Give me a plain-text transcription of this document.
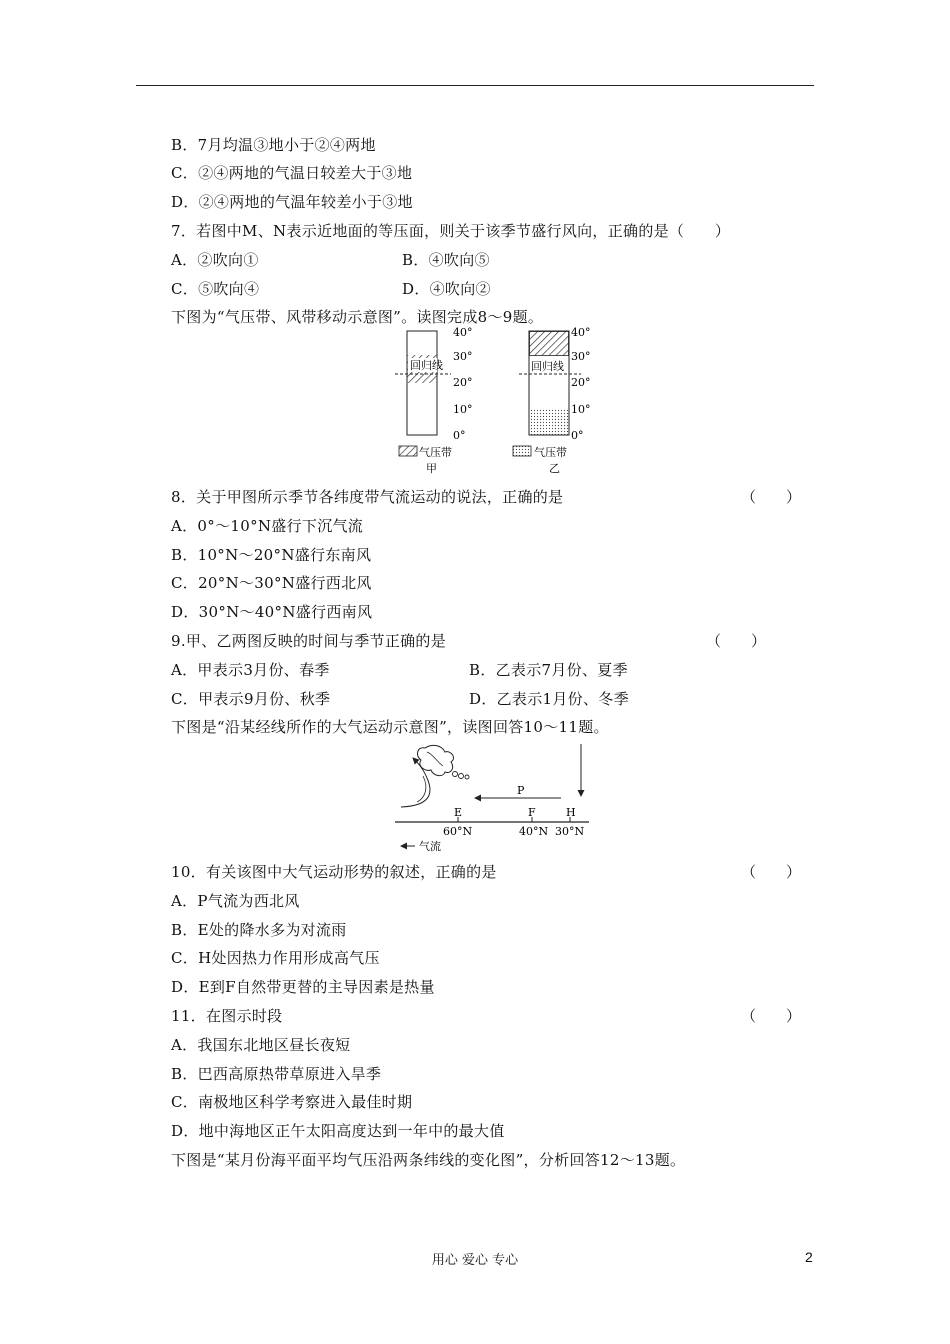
B．7月均温③地小于②④两地
C．②④两地的气温日较差大于③地
D．②④两地的气温年较差小于③地
7．若图中M、N表示近地面的等压面，则关于该季节盛行风向，正确的是（　　）
A．②吹向①	B．④吹向⑤
C．⑤吹向④	D．④吹向②
下图为“气压带、风带移动示意图”。读图完成8～9题。
回归线
40°
30°
20°
10°
0°
气压带
甲
回归线
40°
30°
20°
10°
0°
气压带
乙
8．关于甲图所示季节各纬度带气流运动的说法，正确的是	（　　）
A．0°～10°N盛行下沉气流
B．10°N～20°N盛行东南风
C．20°N～30°N盛行西北风
D．30°N～40°N盛行西南风
9.甲、乙两图反映的时间与季节正确的是	（　　）
A．甲表示3月份、春季	B．乙表示7月份、夏季
C．甲表示9月份、秋季	D．乙表示1月份、冬季
下图是“沿某经线所作的大气运动示意图”，读图回答10～11题。
P
E	F	H
60°N	40°N 30°N
气流
10．有关该图中大气运动形势的叙述，正确的是	（　　）
A．P气流为西北风
B．E处的降水多为对流雨
C．H处因热力作用形成高气压
D．E到F自然带更替的主导因素是热量
11．在图示时段	（　　）
A．我国东北地区昼长夜短
B．巴西高原热带草原进入旱季
C．南极地区科学考察进入最佳时期
D．地中海地区正午太阳高度达到一年中的最大值
下图是“某月份海平面平均气压沿两条纬线的变化图”，分析回答12～13题。
用心 爱心 专心	2
